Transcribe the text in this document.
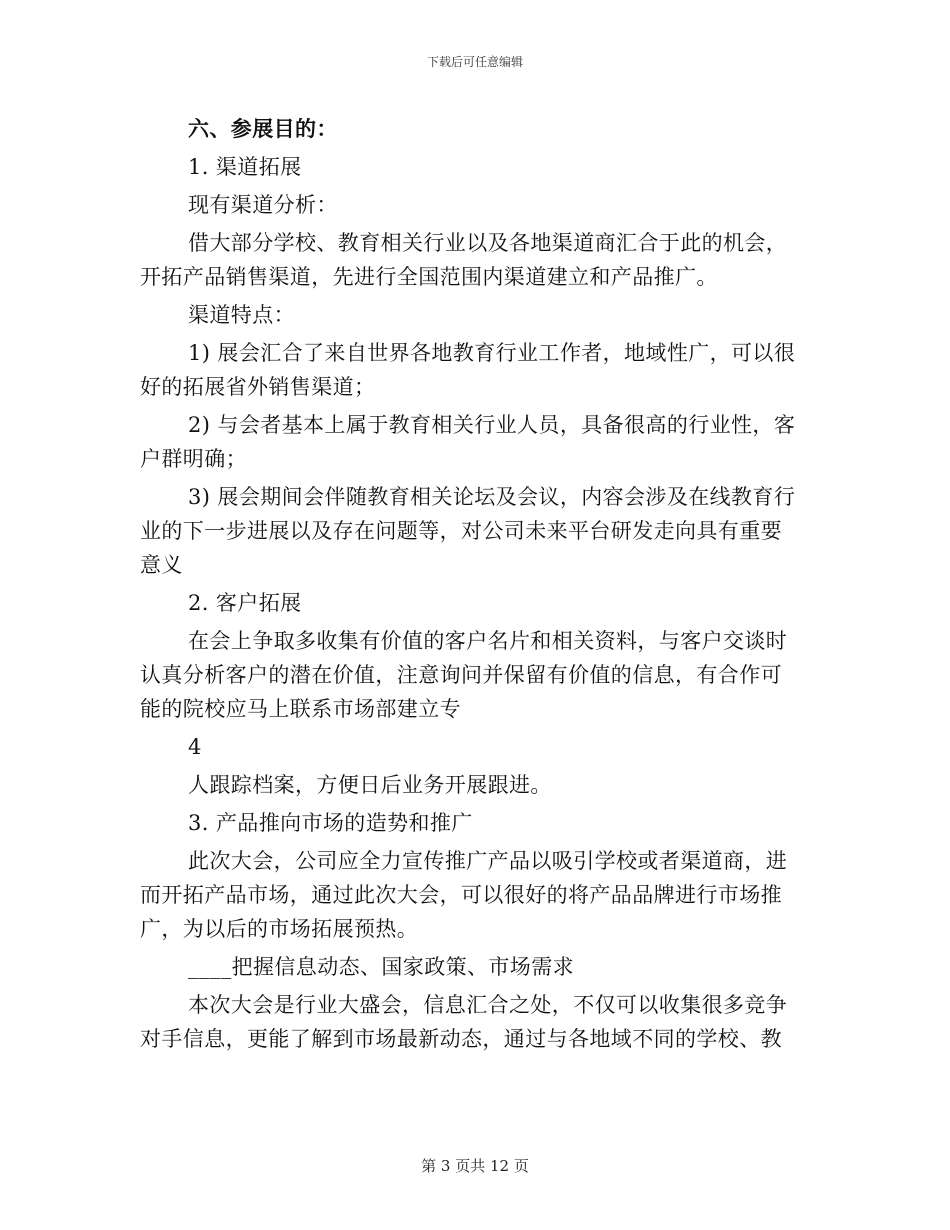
下载后可任意编辑

六、参展目的：

1. 渠道拓展

现有渠道分析：

借大部分学校、教育相关行业以及各地渠道商汇合于此的机会，开拓产品销售渠道，先进行全国范围内渠道建立和产品推广。

渠道特点：

1) 展会汇合了来自世界各地教育行业工作者，地域性广，可以很好的拓展省外销售渠道；

2) 与会者基本上属于教育相关行业人员，具备很高的行业性，客户群明确；

3) 展会期间会伴随教育相关论坛及会议，内容会涉及在线教育行业的下一步进展以及存在问题等，对公司未来平台研发走向具有重要意义

2. 客户拓展

在会上争取多收集有价值的客户名片和相关资料，与客户交谈时认真分析客户的潜在价值，注意询问并保留有价值的信息，有合作可能的院校应马上联系市场部建立专

4

人跟踪档案，方便日后业务开展跟进。

3. 产品推向市场的造势和推广

此次大会，公司应全力宣传推广产品以吸引学校或者渠道商，进而开拓产品市场，通过此次大会，可以很好的将产品品牌进行市场推广，为以后的市场拓展预热。

____把握信息动态、国家政策、市场需求

本次大会是行业大盛会，信息汇合之处，不仅可以收集很多竞争对手信息，更能了解到市场最新动态，通过与各地域不同的学校、教

第 3 页共 12 页
